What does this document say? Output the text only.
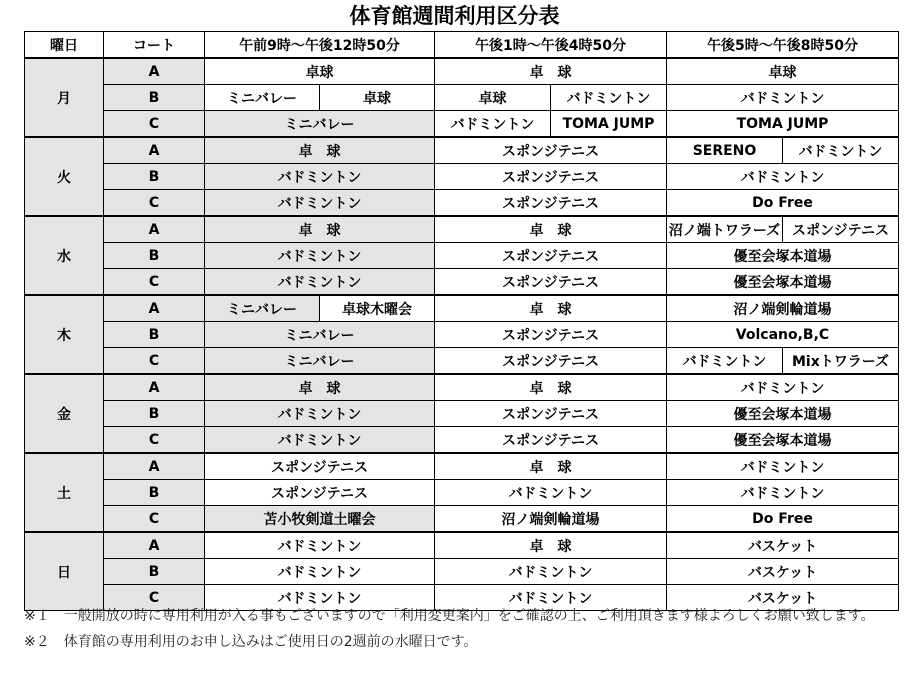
体育館週間利用区分表
曜日	コート	午前9時～午後12時50分		午後1時～午後4時50分		午後5時～午後8時50分	
月	A	卓球		卓　球		卓球	
	B	ミニバレー	卓球	卓球	バドミントン	バドミントン	
	C	ミニバレー		バドミントン	TOMA JUMP	TOMA JUMP	
火	A	卓　球		スポンジテニス		SERENO	バドミントン
	B	バドミントン		スポンジテニス		バドミントン	
	C	バドミントン		スポンジテニス		Do Free	
水	A	卓　球		卓　球		沼ノ端トワラーズ	スポンジテニス
	B	バドミントン		スポンジテニス		優至会塚本道場	
	C	バドミントン		スポンジテニス		優至会塚本道場	
木	A	ミニバレー	卓球木曜会	卓　球		沼ノ端剣輪道場	
	B	ミニバレー		スポンジテニス		Volcano,B,C	
	C	ミニバレー		スポンジテニス		バドミントン	Mixトワラーズ
金	A	卓　球		卓　球		バドミントン	
	B	バドミントン		スポンジテニス		優至会塚本道場	
	C	バドミントン		スポンジテニス		優至会塚本道場	
土	A	スポンジテニス		卓　球		バドミントン	
	B	スポンジテニス		バドミントン		バドミントン	
	C	苫小牧剣道土曜会		沼ノ端剣輪道場		Do Free	
日	A	バドミントン		卓　球		バスケット	
	B	バドミントン		バドミントン		バスケット	
	C	バドミントン		バドミントン		バスケット	

※１　一般開放の時に専用利用が入る事もございますので「利用変更案内」をご確認の上、ご利用頂きます様よろしくお願い致します。

※２　体育館の専用利用のお申し込みはご使用日の2週前の水曜日です。
